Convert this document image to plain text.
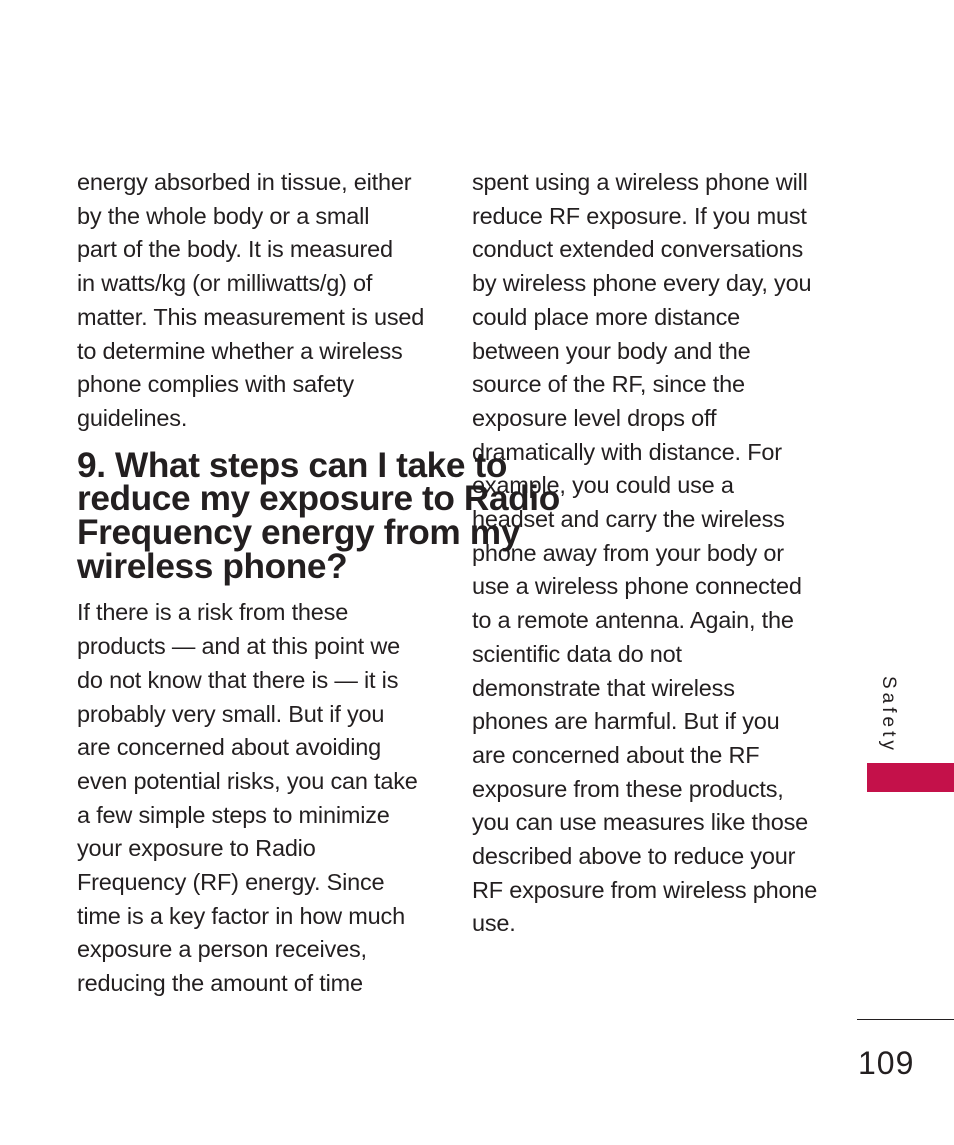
energy absorbed in tissue, either
by the whole body or a small
part of the body. It is measured
in watts/kg (or milliwatts/g) of
matter. This measurement is used
to determine whether a wireless
phone complies with safety
guidelines.

9. What steps can I take to
reduce my exposure to Radio
Frequency energy from my
wireless phone?

If there is a risk from these
products — and at this point we
do not know that there is — it is
probably very small. But if you
are concerned about avoiding
even potential risks, you can take
a few simple steps to minimize
your exposure to Radio
Frequency (RF) energy. Since
time is a key factor in how much
exposure a person receives,
reducing the amount of time

spent using a wireless phone will
reduce RF exposure. If you must
conduct extended conversations
by wireless phone every day, you
could place more distance
between your body and the
source of the RF, since the
exposure level drops off
dramatically with distance. For
example, you could use a
headset and carry the wireless
phone away from your body or
use a wireless phone connected
to a remote antenna. Again, the
scientific data do not
demonstrate that wireless
phones are harmful. But if you
are concerned about the RF
exposure from these products,
you can use measures like those
described above to reduce your
RF exposure from wireless phone
use.

Safety
109
